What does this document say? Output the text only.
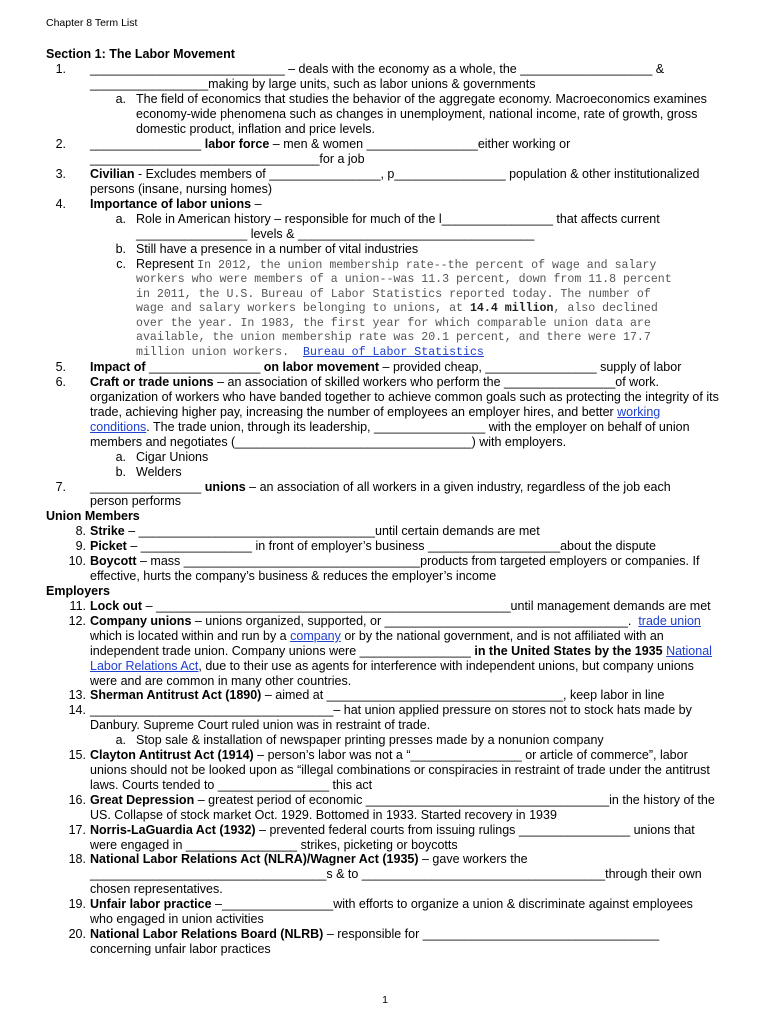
Chapter 8 Term List
Section 1: The Labor Movement
1. ____________________________ – deals with the economy as a whole, the ___________________ &
_________________making by large units, such as labor unions & governments
a. The field of economics that studies the behavior of the aggregate economy. Macroeconomics examines
economy-wide phenomena such as changes in unemployment, national income, rate of growth, gross
domestic product, inflation and price levels.
2. ________________ labor force – men & women ________________either working or
_________________________________for a job
3. Civilian - Excludes members of ________________, p________________ population & other institutionalized
persons (insane, nursing homes)
4. Importance of labor unions –
a. Role in American history – responsible for much of the l________________ that affects current
________________ levels & __________________________________
b. Still have a presence in a number of vital industries
c. Represent In 2012, the union membership rate--the percent of wage and salary
workers who were members of a union--was 11.3 percent, down from 11.8 percent
in 2011, the U.S. Bureau of Labor Statistics reported today. The number of
wage and salary workers belonging to unions, at 14.4 million, also declined
over the year. In 1983, the first year for which comparable union data are
available, the union membership rate was 20.1 percent, and there were 17.7
million union workers.  Bureau of Labor Statistics
5. Impact of ________________ on labor movement – provided cheap, ________________ supply of labor
6. Craft or trade unions – an association of skilled workers who perform the ________________of work.
organization of workers who have banded together to achieve common goals such as protecting the integrity of its
trade, achieving higher pay, increasing the number of employees an employer hires, and better working
conditions. The trade union, through its leadership, ________________ with the employer on behalf of union
members and negotiates (__________________________________) with employers.
a. Cigar Unions
b. Welders
7. ________________ unions – an association of all workers in a given industry, regardless of the job each
person performs
Union Members
8. Strike – __________________________________until certain demands are met
9. Picket – ________________ in front of employer’s business ___________________about the dispute
10. Boycott – mass __________________________________products from targeted employers or companies. If
effective, hurts the company’s business & reduces the employer’s income
Employers
11. Lock out – ___________________________________________________until management demands are met
12. Company unions – unions organized, supported, or ___________________________________.  trade union
which is located within and run by a company or by the national government, and is not affiliated with an
independent trade union. Company unions were ________________ in the United States by the 1935 National
Labor Relations Act, due to their use as agents for interference with independent unions, but company unions
were and are common in many other countries.
13. Sherman Antitrust Act (1890) – aimed at __________________________________, keep labor in line
14. ___________________________________– hat union applied pressure on stores not to stock hats made by
Danbury. Supreme Court ruled union was in restraint of trade.
a. Stop sale & installation of newspaper printing presses made by a nonunion company
15. Clayton Antitrust Act (1914) – person’s labor was not a “________________ or article of commerce”, labor
unions should not be looked upon as “illegal combinations or conspiracies in restraint of trade under the antitrust
laws. Courts tended to ________________ this act
16. Great Depression – greatest period of economic ___________________________________in the history of the
US. Collapse of stock market Oct. 1929. Bottomed in 1933. Started recovery in 1939
17. Norris-LaGuardia Act (1932) – prevented federal courts from issuing rulings ________________ unions that
were engaged in ________________ strikes, picketing or boycotts
18. National Labor Relations Act (NLRA)/Wagner Act (1935) – gave workers the
__________________________________s & to ___________________________________through their own
chosen representatives.
19. Unfair labor practice –________________with efforts to organize a union & discriminate against employees
who engaged in union activities
20. National Labor Relations Board (NLRB) – responsible for __________________________________
concerning unfair labor practices
1
